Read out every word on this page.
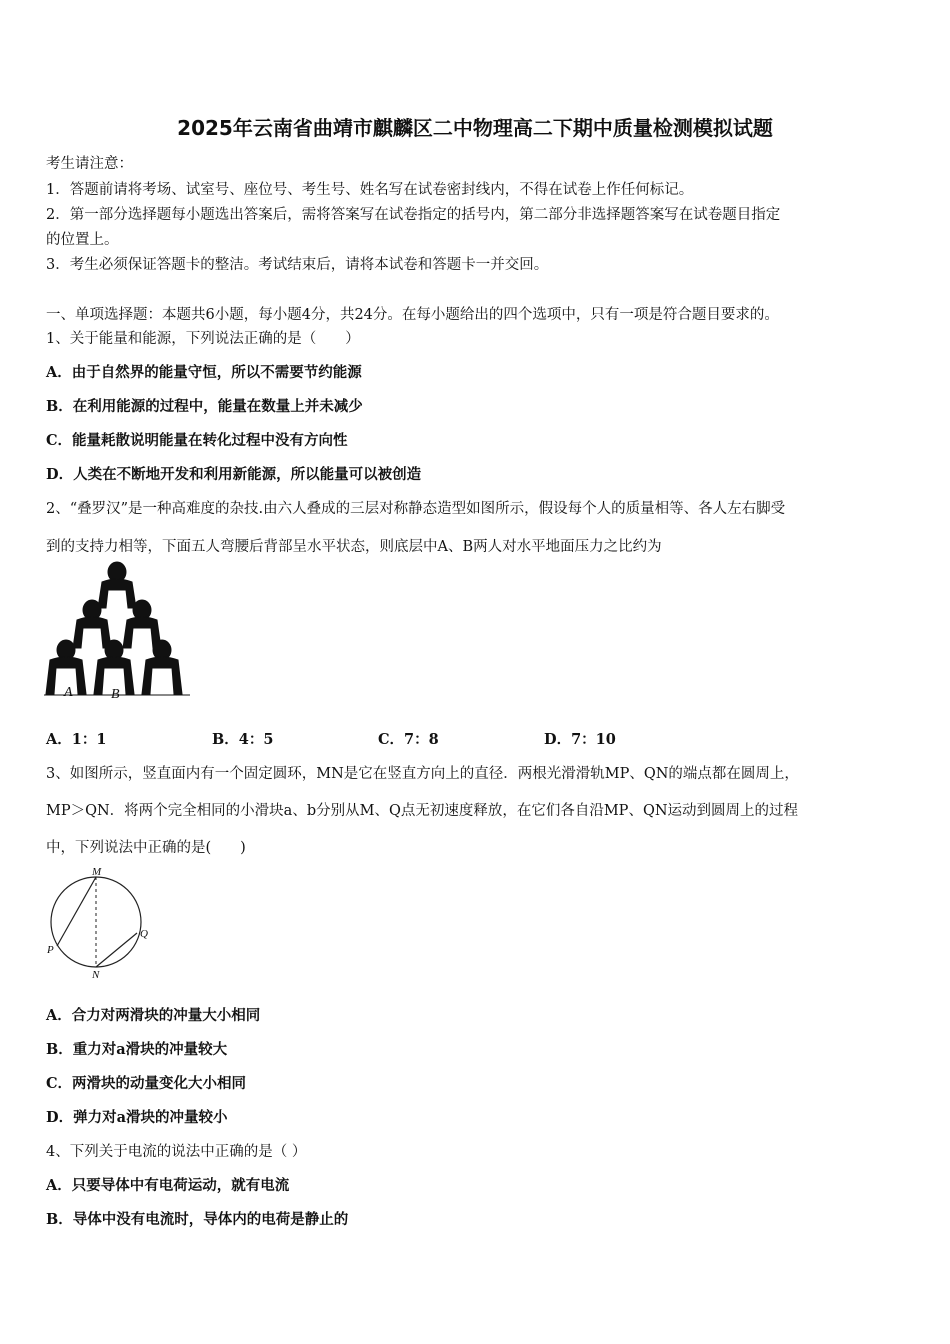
2025年云南省曲靖市麒麟区二中物理高二下期中质量检测模拟试题
考生请注意：
1．答题前请将考场、试室号、座位号、考生号、姓名写在试卷密封线内，不得在试卷上作任何标记。
2．第一部分选择题每小题选出答案后，需将答案写在试卷指定的括号内，第二部分非选择题答案写在试卷题目指定
的位置上。
3．考生必须保证答题卡的整洁。考试结束后，请将本试卷和答题卡一并交回。
一、单项选择题：本题共6小题，每小题4分，共24分。在每小题给出的四个选项中，只有一项是符合题目要求的。
1、关于能量和能源，下列说法正确的是（　　）
A．由于自然界的能量守恒，所以不需要节约能源
B．在利用能源的过程中，能量在数量上并未减少
C．能量耗散说明能量在转化过程中没有方向性
D．人类在不断地开发和利用新能源，所以能量可以被创造
2、“叠罗汉”是一种高难度的杂技.由六人叠成的三层对称静态造型如图所示，假设每个人的质量相等、各人左右脚受
到的支持力相等，下面五人弯腰后背部呈水平状态，则底层中A、B两人对水平地面压力之比约为
A	B
A．1：1	B．4：5	C．7：8	D．7：10
3、如图所示，竖直面内有一个固定圆环，MN是它在竖直方向上的直径．两根光滑滑轨MP、QN的端点都在圆周上，
MP＞QN．将两个完全相同的小滑块a、b分别从M、Q点无初速度释放，在它们各自沿MP、QN运动到圆周上的过程
中，下列说法中正确的是(　　)
M
N
P
Q
A．合力对两滑块的冲量大小相同
B．重力对a滑块的冲量较大
C．两滑块的动量变化大小相同
D．弹力对a滑块的冲量较小
4、下列关于电流的说法中正确的是（ ）
A．只要导体中有电荷运动，就有电流
B．导体中没有电流时，导体内的电荷是静止的
